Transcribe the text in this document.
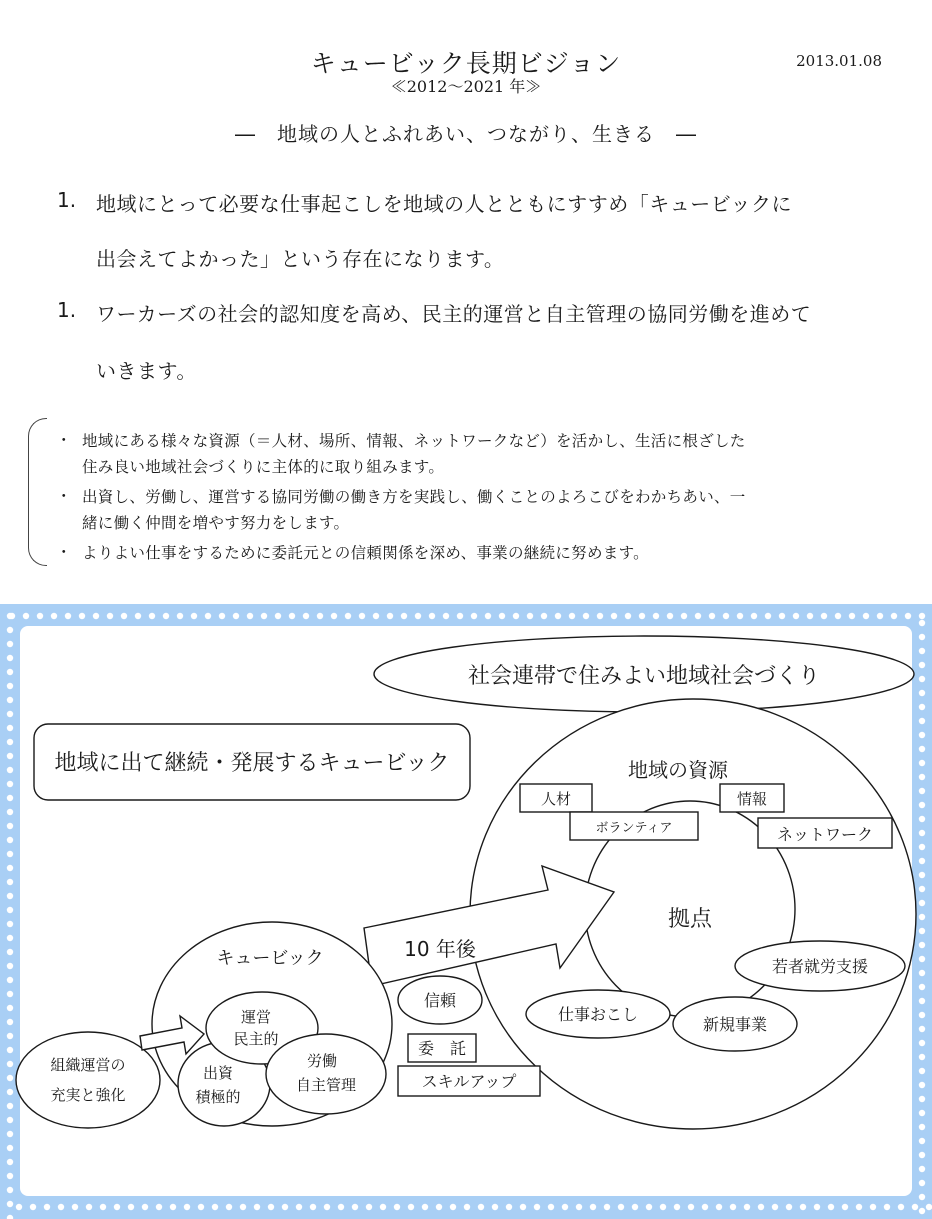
キュービック長期ビジョン
≪2012〜2021 年≫
2013.01.08
―　地域の人とふれあい、つながり、生きる　―
1. 地域にとって必要な仕事起こしを地域の人とともにすすめ「キュービックに
出会えてよかった」という存在になります。
1. ワーカーズの社会的認知度を高め、民主的運営と自主管理の協同労働を進めて
いきます。
・ 地域にある様々な資源（＝人材、場所、情報、ネットワークなど）を活かし、生活に根ざした
住み良い地域社会づくりに主体的に取り組みます。
・ 出資し、労働し、運営する協同労働の働き方を実践し、働くことのよろこびをわかちあい、一
緒に働く仲間を増やす努力をします。
・ よりよい仕事をするために委託元との信頼関係を深め、事業の継続に努めます。
社会連帯で住みよい地域社会づくり
地域に出て継続・発展するキュービック	地域の資源
拠点
人材	情報
ボランティア	ネットワーク
若者就労支援
仕事おこし
新規事業
10 年後
キュービック
組織運営の
充実と強化
出資
積極的
運営
民主的
労働
自主管理
信頼
委　託
スキルアップ
